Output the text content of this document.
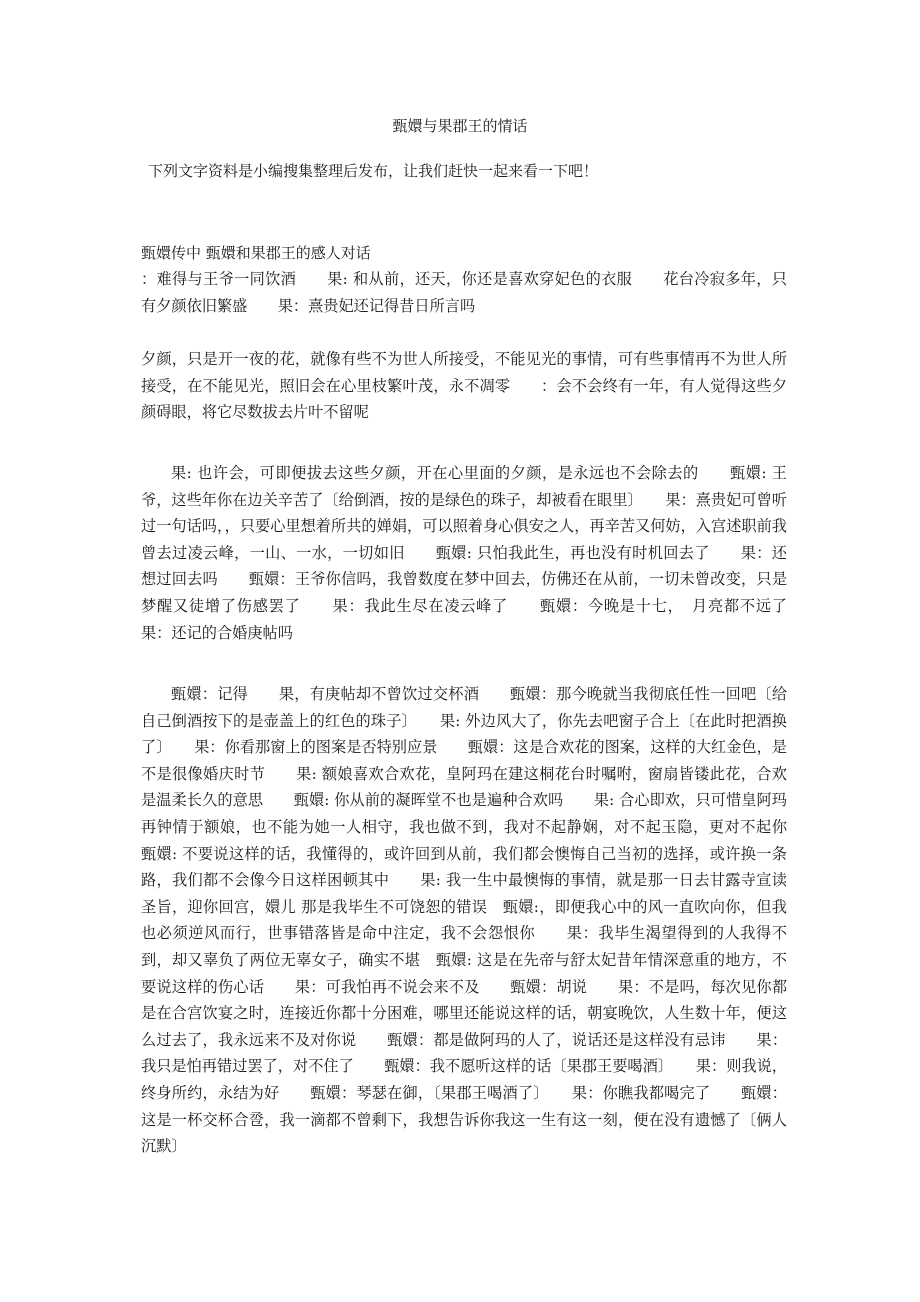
甄嬛与果郡王的情话
下列文字资料是小编搜集整理后发布，让我们赶快一起来看一下吧！
甄嬛传中 甄嬛和果郡王的感人对话
：难得与王爷一同饮酒　　果: 和从前，还天，你还是喜欢穿妃色的衣服　　花台冷寂多年，只有夕颜依旧繁盛　　果：熹贵妃还记得昔日所言吗
夕颜，只是开一夜的花，就像有些不为世人所接受，不能见光的事情，可有些事情再不为世人所接受，在不能见光，照旧会在心里枝繁叶茂，永不凋零　　：会不会终有一年，有人觉得这些夕颜碍眼，将它尽数拔去片叶不留呢
果: 也许会，可即便拔去这些夕颜，开在心里面的夕颜，是永远也不会除去的　　甄嬛: 王爷，这些年你在边关辛苦了〔给倒酒，按的是绿色的珠子，却被看在眼里〕　　果：熹贵妃可曾听过一句话吗，，只要心里想着所共的婵娟，可以照着身心俱安之人，再辛苦又何妨，入宫述职前我曾去过凌云峰，一山、一水，一切如旧　　甄嬛: 只怕我此生，再也没有时机回去了　　果：还想过回去吗　　甄嬛：王爷你信吗，我曾数度在梦中回去，仿佛还在从前，一切未曾改变，只是梦醒又徒增了伤感罢了　　果：我此生尽在凌云峰了　　甄嬛：今晚是十七，　月亮都不远了　　果：还记的合婚庚帖吗
甄嬛：记得　　果，有庚帖却不曾饮过交杯酒　　甄嬛：那今晚就当我彻底任性一回吧〔给自己倒酒按下的是壶盖上的红色的珠子〕　　果: 外边风大了，你先去吧窗子合上〔在此时把酒换了〕　　果：你看那窗上的图案是否特别应景　　甄嬛：这是合欢花的图案，这样的大红金色，是不是很像婚庆时节　　果: 额娘喜欢合欢花，皇阿玛在建这桐花台时嘱咐，窗扇皆镂此花，合欢是温柔长久的意思　　甄嬛: 你从前的凝晖堂不也是遍种合欢吗　　果: 合心即欢，只可惜皇阿玛再钟情于额娘，也不能为她一人相守，我也做不到，我对不起静娴，对不起玉隐，更对不起你　　甄嬛: 不要说这样的话，我懂得的，或许回到从前，我们都会懊悔自己当初的选择，或许换一条路，我们都不会像今日这样困顿其中　　果: 我一生中最懊悔的事情，就是那一日去甘露寺宣读圣旨，迎你回宫，嬛儿 那是我毕生不可饶恕的错误　甄嬛:，即便我心中的风一直吹向你，但我也必须逆风而行，世事错落皆是命中注定，我不会怨恨你　　果：我毕生渴望得到的人我得不到，却又辜负了两位无辜女子，确实不堪　甄嬛: 这是在先帝与舒太妃昔年情深意重的地方，不要说这样的伤心话　　果：可我怕再不说会来不及　　甄嬛：胡说　　果：不是吗，每次见你都是在合宫饮宴之时，连接近你都十分困难，哪里还能说这样的话，朝宴晚饮，人生数十年，便这么过去了，我永远来不及对你说　　甄嬛：都是做阿玛的人了，说话还是这样没有忌讳　　果：我只是怕再错过罢了，对不住了　　甄嬛：我不愿听这样的话〔果郡王要喝酒〕　　果：则我说，终身所约，永结为好　　甄嬛：琴瑟在御，〔果郡王喝酒了〕　　果：你瞧我都喝完了　　甄嬛：这是一杯交杯合卺，我一滴都不曾剩下，我想告诉你我这一生有这一刻，便在没有遗憾了〔俩人沉默〕
